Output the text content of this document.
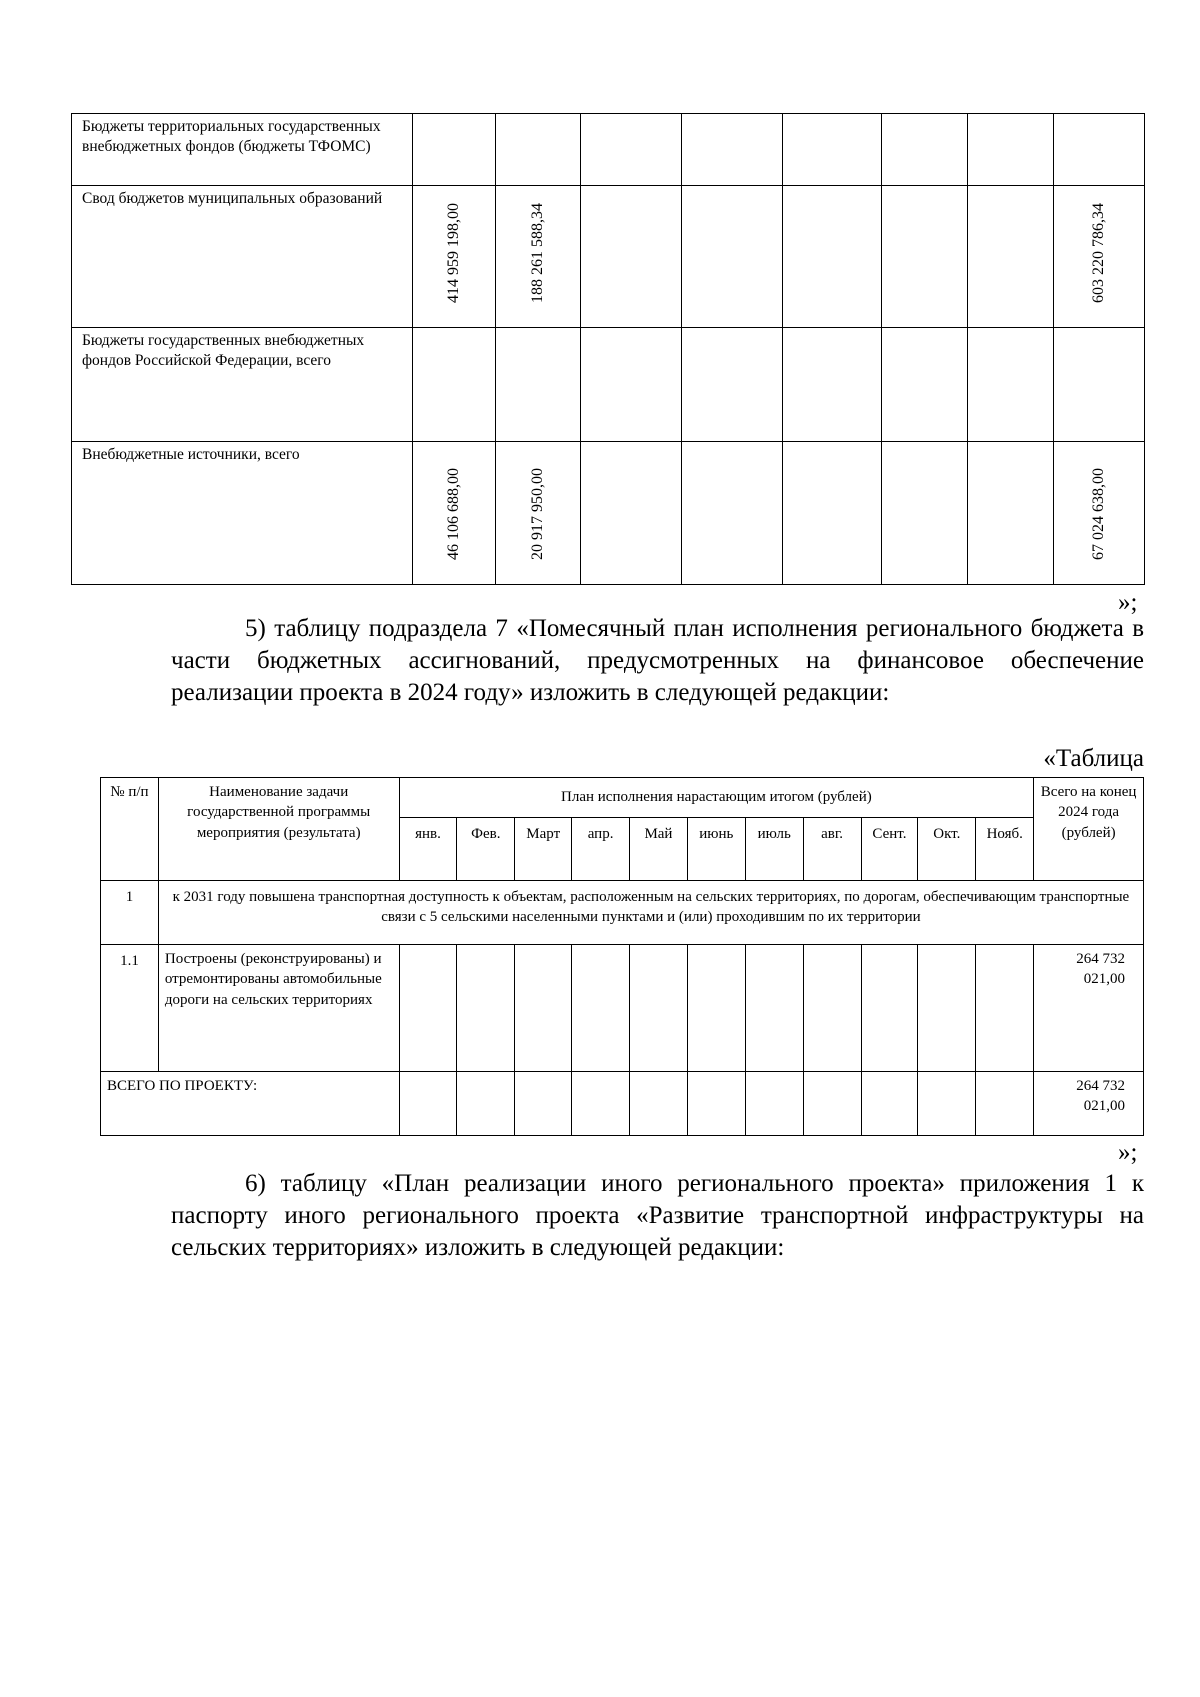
Бюджеты территориальных государственных внебюджетных фондов (бюджеты ТФОМС)	

Свод бюджетов муниципальных образований	414 959 198,00	188 261 588,34						603 220 786,34

Бюджеты государственных внебюджетных фондов Российской Федерации, всего	

Внебюджетные источники, всего	46 106 688,00	20 917 950,00						67 024 638,00
»;

5) таблицу подраздела 7 «Помесячный план исполнения регионального бюджета в части бюджетных ассигнований, предусмотренных на финансовое обеспечение реализации проекта в 2024 году» изложить в следующей редакции:

«Таблица
№ п/п	Наименование задачи государственной программы мероприятия (результата)	План исполнения нарастающим итогом (рублей)											Всего на конец 2024 года (рублей)
		янв.	Фев.	Март	апр.	Май	июнь	июль	авг.	Сент.	Окт.	Нояб.	
1	к 2031 году повышена транспортная доступность к объектам, расположенным на сельских территориях, по дорогам, обеспечивающим транспортные связи с 5 сельскими населенными пунктами и (или) проходившим по их территории												
1.1	Построены (реконструированы) и отремонтированы автомобильные дороги на сельских территориях												264 732 021,00
ВСЕГО ПО ПРОЕКТУ:													264 732 021,00
»;

6) таблицу «План реализации иного регионального проекта» приложения 1 к паспорту иного регионального проекта «Развитие транспортной инфраструктуры на сельских территориях» изложить в следующей редакции:
